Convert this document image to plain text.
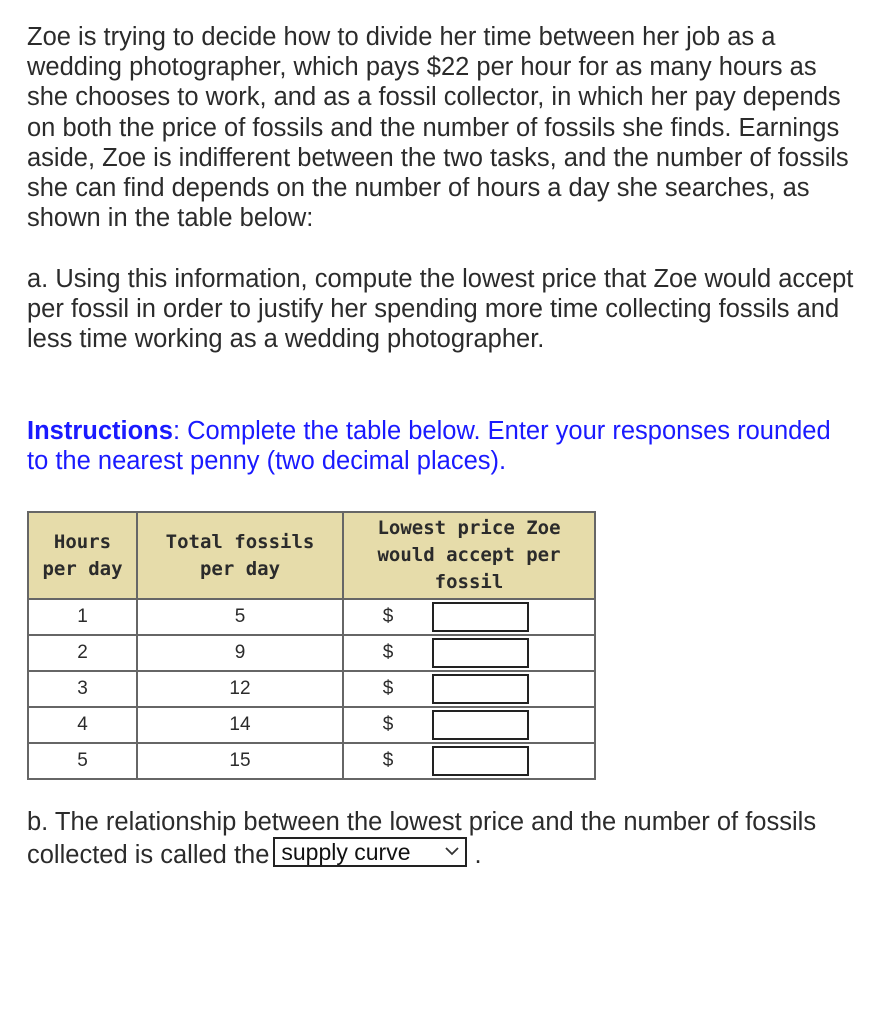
Zoe is trying to decide how to divide her time between her job as a wedding photographer, which pays $22 per hour for as many hours as she chooses to work, and as a fossil collector, in which her pay depends on both the price of fossils and the number of fossils she finds. Earnings aside, Zoe is indifferent between the two tasks, and the number of fossils she can find depends on the number of hours a day she searches, as shown in the table below:

a. Using this information, compute the lowest price that Zoe would accept per fossil in order to justify her spending more time collecting fossils and less time working as a wedding photographer.

Instructions: Complete the table below. Enter your responses rounded to the nearest penny (two decimal places).

Hours
per day	Total fossils
per day	Lowest price Zoe
would accept per
fossil
1	5	$

2	9	$

3	12	$

4	14	$

5	15	$

b. The relationship between the lowest price and the number of fossils collected is called the supply curve	.
